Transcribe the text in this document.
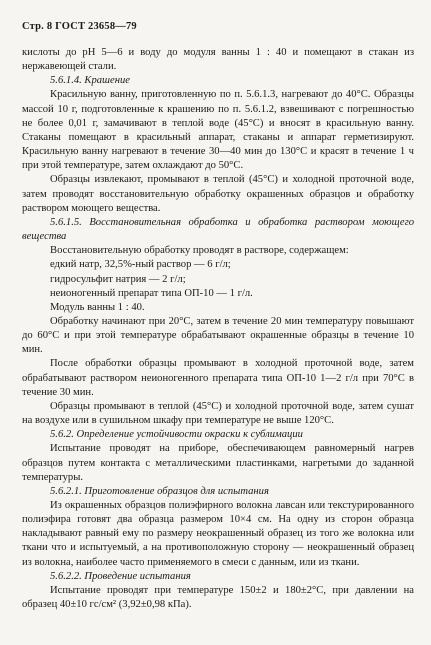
Стр. 8 ГОСТ 23658—79

кислоты до pH 5—6 и воду до модуля ванны 1 : 40 и помещают в стакан из нержавеющей стали.

5.6.1.4. Крашение

Красильную ванну, приготовленную по п. 5.6.1.3, нагревают до 40°С. Образцы массой 10 г, подготовленные к крашению по п. 5.6.1.2, взвешивают с погрешностью не более 0,01 г, замачивают в теплой воде (45°С) и вносят в красильную ванну. Стаканы помещают в красильный аппарат, стаканы и аппарат герметизируют. Красильную ванну нагревают в течение 30—40 мин до 130°С и красят в течение 1 ч при этой температуре, затем охлаждают до 50°С.

Образцы извлекают, промывают в теплой (45°С) и холодной проточной воде, затем проводят восстановительную обработку окрашенных образцов и обработку раствором моющего вещества.

5.6.1.5. Восстановительная обработка и обработка раствором моющего вещества

Восстановительную обработку проводят в растворе, содержащем:

едкий натр, 32,5%-ный раствор — 6 г/л;

гидросульфит натрия — 2 г/л;

неионогенный препарат типа ОП-10 — 1 г/л.

Модуль ванны 1 : 40.

Обработку начинают при 20°С, затем в течение 20 мин температуру повышают до 60°С и при этой температуре обрабатывают окрашенные образцы в течение 10 мин.

После обработки образцы промывают в холодной проточной воде, затем обрабатывают раствором неионогенного препарата типа ОП-10 1—2 г/л при 70°С в течение 30 мин.

Образцы промывают в теплой (45°С) и холодной проточной воде, затем сушат на воздухе или в сушильном шкафу при температуре не выше 120°С.

5.6.2. Определение устойчивости окраски к сублимации

Испытание проводят на приборе, обеспечивающем равномерный нагрев образцов путем контакта с металлическими пластинками, нагретыми до заданной температуры.

5.6.2.1. Приготовление образцов для испытания

Из окрашенных образцов полиэфирного волокна лавсан или текстурированного полиэфира готовят два образца размером 10×4 см. На одну из сторон образца накладывают равный ему по размеру неокрашенный образец из того же волокна или ткани что и испытуемый, а на противоположную сторону — неокрашенный образец из волокна, наиболее часто применяемого в смеси с данным, или из ткани.

5.6.2.2. Проведение испытания

Испытание проводят при температуре 150±2 и 180±2°С, при давлении на образец 40±10 гс/см² (3,92±0,98 кПа).
